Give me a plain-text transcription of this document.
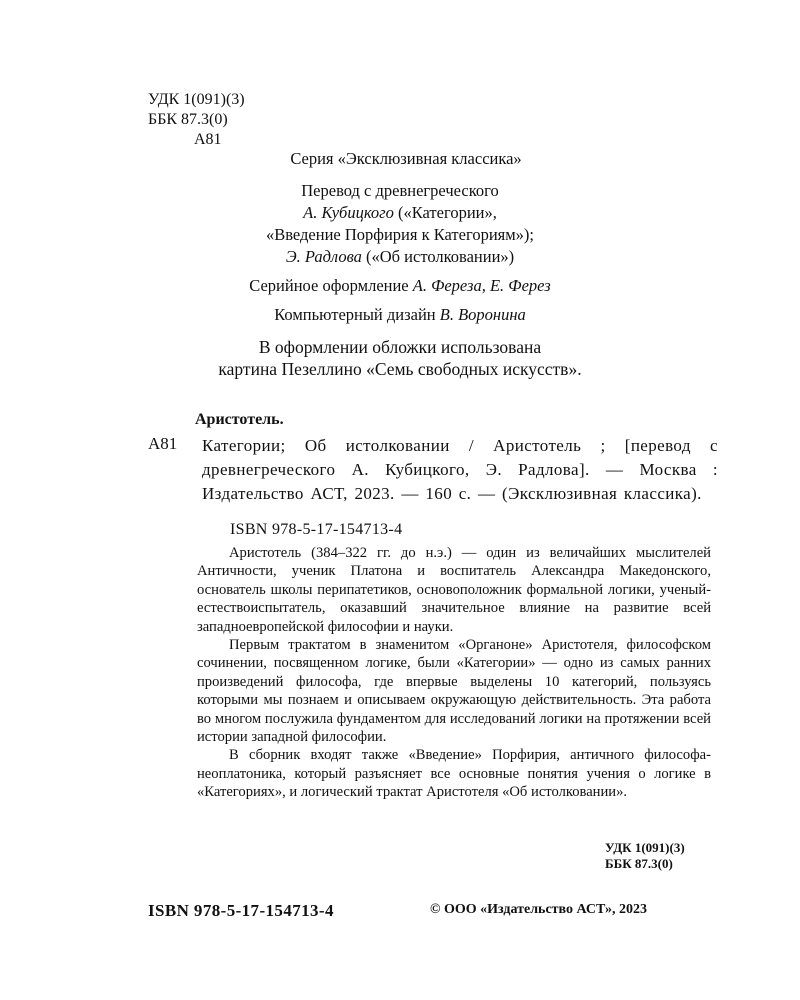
УДК 1(091)(3)
ББК 87.3(0)
А81
Серия «Эксклюзивная классика»
Перевод с древнегреческого
А. Кубицкого («Категории»,
«Введение Порфирия к Категориям»);
Э. Радлова («Об истолковании»)
Серийное оформление А. Фереза, Е. Ферез
Компьютерный дизайн В. Воронина
В оформлении обложки использована
картина Пезеллино «Семь свободных искусств».
Аристотель.
А81 Категории; Об истолковании / Аристотель ; [перевод с древнегреческого А. Кубицкого, Э. Радлова]. — Москва : Издательство АСТ, 2023. — 160 с. — (Эксклюзивная классика).
ISBN 978-5-17-154713-4

Аристотель (384–322 гг. до н.э.) — один из величайших мыслителей Античности, ученик Платона и воспитатель Александра Македонского, основатель школы перипатетиков, основоположник формальной логики, ученый-естествоиспытатель, оказавший значительное влияние на развитие всей западноевропейской философии и науки.

Первым трактатом в знаменитом «Органоне» Аристотеля, философском сочинении, посвященном логике, были «Категории» — одно из самых ранних произведений философа, где впервые выделены 10 категорий, пользуясь которыми мы познаем и описываем окружающую действительность. Эта работа во многом послужила фундаментом для исследований логики на протяжении всей истории западной философии.

В сборник входят также «Введение» Порфирия, античного философа-неоплатоника, который разъясняет все основные понятия учения о логике в «Категориях», и логический трактат Аристотеля «Об истолковании».

УДК 1(091)(3)
ББК 87.3(0)
ISBN 978-5-17-154713-4	© ООО «Издательство АСТ», 2023
